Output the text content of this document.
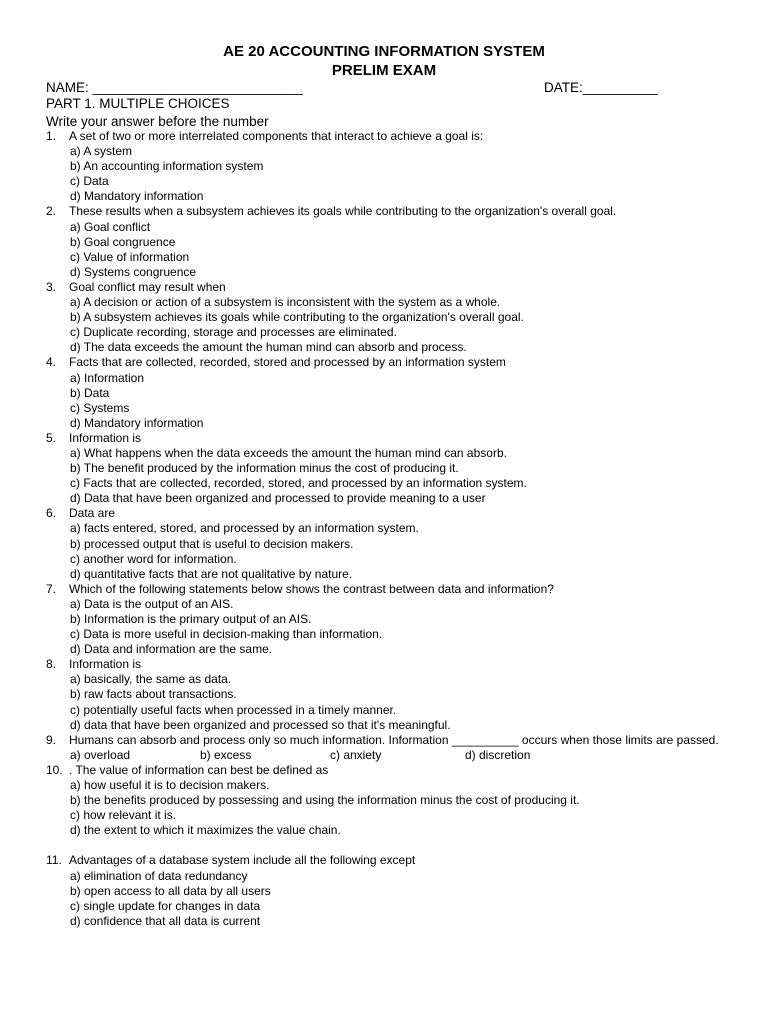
AE 20 ACCOUNTING INFORMATION SYSTEM
PRELIM EXAM
NAME: ____________________________	DATE:__________
PART 1. MULTIPLE CHOICES
Write your answer before the number
1.	A set of two or more interrelated components that interact to achieve a goal is:
a) A system
b) An accounting information system
c) Data
d) Mandatory information
2.	These results when a subsystem achieves its goals while contributing to the organization's overall goal.
a) Goal conflict
b) Goal congruence
c) Value of information
d) Systems congruence
3.	Goal conflict may result when
a) A decision or action of a subsystem is inconsistent with the system as a whole.
b) A subsystem achieves its goals while contributing to the organization's overall goal.
c) Duplicate recording, storage and processes are eliminated.
d) The data exceeds the amount the human mind can absorb and process.
4.	Facts that are collected, recorded, stored and processed by an information system
a) Information
b) Data
c) Systems
d) Mandatory information
5.	Information is
a) What happens when the data exceeds the amount the human mind can absorb.
b) The benefit produced by the information minus the cost of producing it.
c) Facts that are collected, recorded, stored, and processed by an information system.
d) Data that have been organized and processed to provide meaning to a user
6.	Data are
a) facts entered, stored, and processed by an information system.
b) processed output that is useful to decision makers.
c) another word for information.
d) quantitative facts that are not qualitative by nature.
7.	Which of the following statements below shows the contrast between data and information?
a) Data is the output of an AIS.
b) Information is the primary output of an AIS.
c) Data is more useful in decision-making than information.
d) Data and information are the same.
8.	Information is
a) basically, the same as data.
b) raw facts about transactions.
c) potentially useful facts when processed in a timely manner.
d) data that have been organized and processed so that it's meaningful.
9.	Humans can absorb and process only so much information. Information __________ occurs when those limits are passed.
a) overload	b) excess	c) anxiety	d) discretion
10. . The value of information can best be defined as
a) how useful it is to decision makers.
b) the benefits produced by possessing and using the information minus the cost of producing it.
c) how relevant it is.
d) the extent to which it maximizes the value chain.
11. Advantages of a database system include all the following except
a) elimination of data redundancy
b) open access to all data by all users
c) single update for changes in data
d) confidence that all data is current
